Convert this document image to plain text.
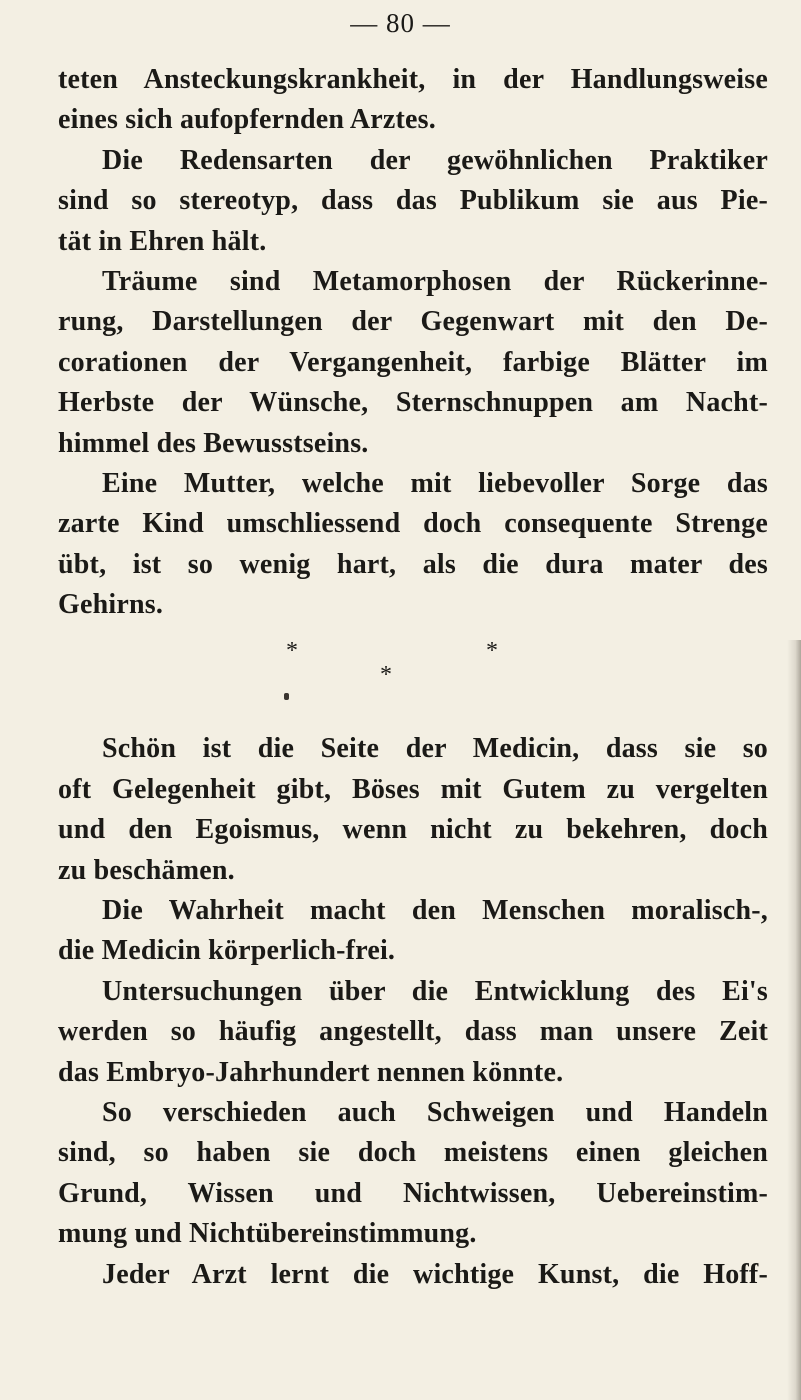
— 80 —
teten Ansteckungskrankheit, in der Handlungsweise
eines sich aufopfernden Arztes.
Die Redensarten der gewöhnlichen Praktiker
sind so stereotyp, dass das Publikum sie aus Pie-
tät in Ehren hält.
Träume sind Metamorphosen der Rückerinne-
rung, Darstellungen der Gegenwart mit den De-
corationen der Vergangenheit, farbige Blätter im
Herbste der Wünsche, Sternschnuppen am Nacht-
himmel des Bewusstseins.
Eine Mutter, welche mit liebevoller Sorge das
zarte Kind umschliessend doch consequente Strenge
übt, ist so wenig hart, als die dura mater des
Gehirns.
*	*
*
Schön ist die Seite der Medicin, dass sie so
oft Gelegenheit gibt, Böses mit Gutem zu vergelten
und den Egoismus, wenn nicht zu bekehren, doch
zu beschämen.
Die Wahrheit macht den Menschen moralisch-,
die Medicin körperlich-frei.
Untersuchungen über die Entwicklung des Ei's
werden so häufig angestellt, dass man unsere Zeit
das Embryo-Jahrhundert nennen könnte.
So verschieden auch Schweigen und Handeln
sind, so haben sie doch meistens einen gleichen
Grund, Wissen und Nichtwissen, Uebereinstim-
mung und Nichtübereinstimmung.
Jeder Arzt lernt die wichtige Kunst, die Hoff-
